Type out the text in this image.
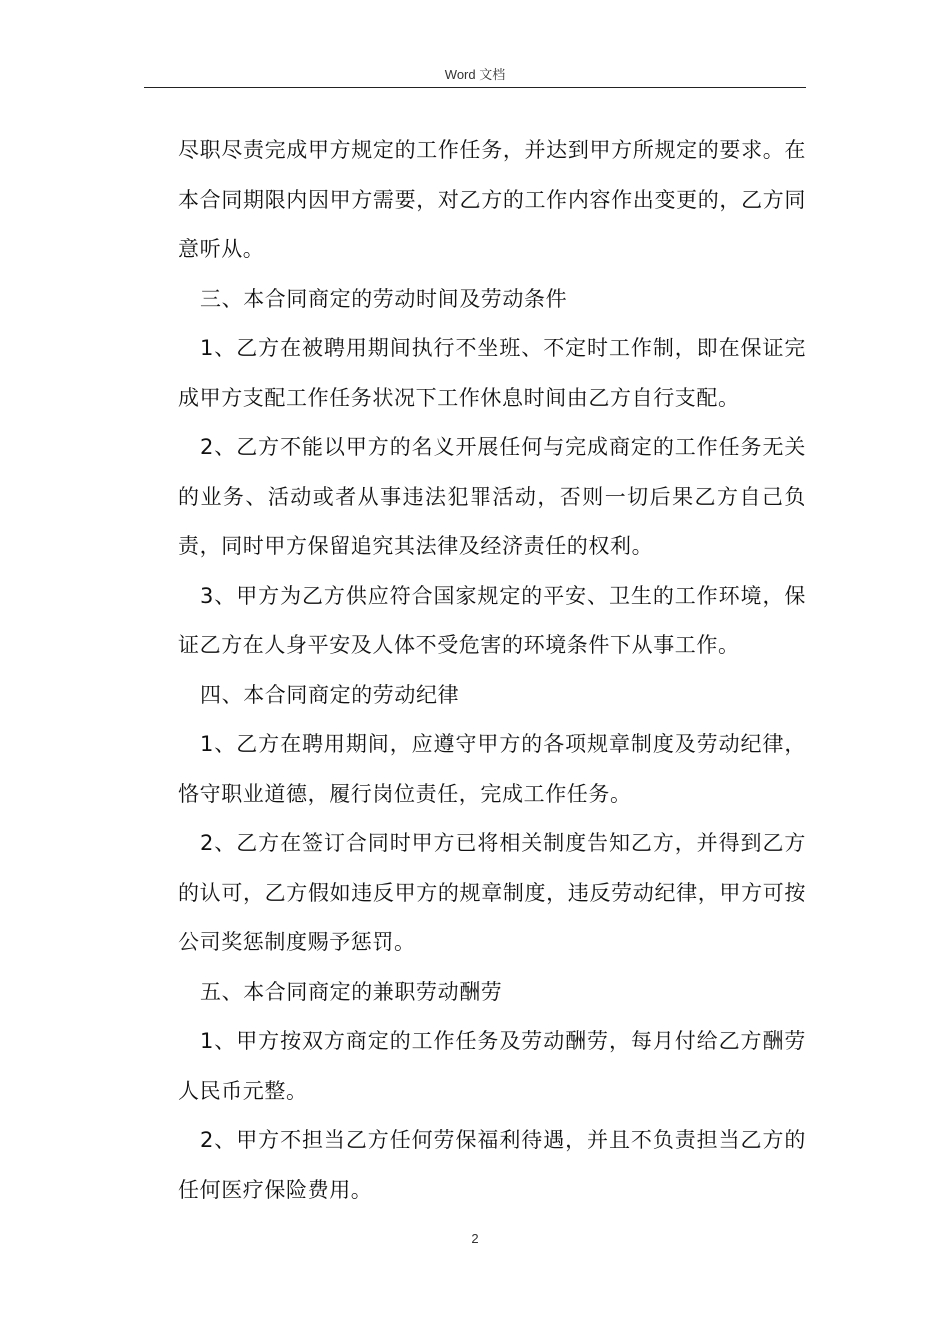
Word 文档

尽职尽责完成甲方规定的工作任务，并达到甲方所规定的要求。在本合同期限内因甲方需要，对乙方的工作内容作出变更的，乙方同意听从。

三、本合同商定的劳动时间及劳动条件

1、乙方在被聘用期间执行不坐班、不定时工作制，即在保证完成甲方支配工作任务状况下工作休息时间由乙方自行支配。

2、乙方不能以甲方的名义开展任何与完成商定的工作任务无关的业务、活动或者从事违法犯罪活动，否则一切后果乙方自己负责，同时甲方保留追究其法律及经济责任的权利。

3、甲方为乙方供应符合国家规定的平安、卫生的工作环境，保证乙方在人身平安及人体不受危害的环境条件下从事工作。

四、本合同商定的劳动纪律

1、乙方在聘用期间，应遵守甲方的各项规章制度及劳动纪律，恪守职业道德，履行岗位责任，完成工作任务。

2、乙方在签订合同时甲方已将相关制度告知乙方，并得到乙方的认可，乙方假如违反甲方的规章制度，违反劳动纪律，甲方可按公司奖惩制度赐予惩罚。

五、本合同商定的兼职劳动酬劳

1、甲方按双方商定的工作任务及劳动酬劳，每月付给乙方酬劳人民币元整。

2、甲方不担当乙方任何劳保福利待遇，并且不负责担当乙方的任何医疗保险费用。

2
